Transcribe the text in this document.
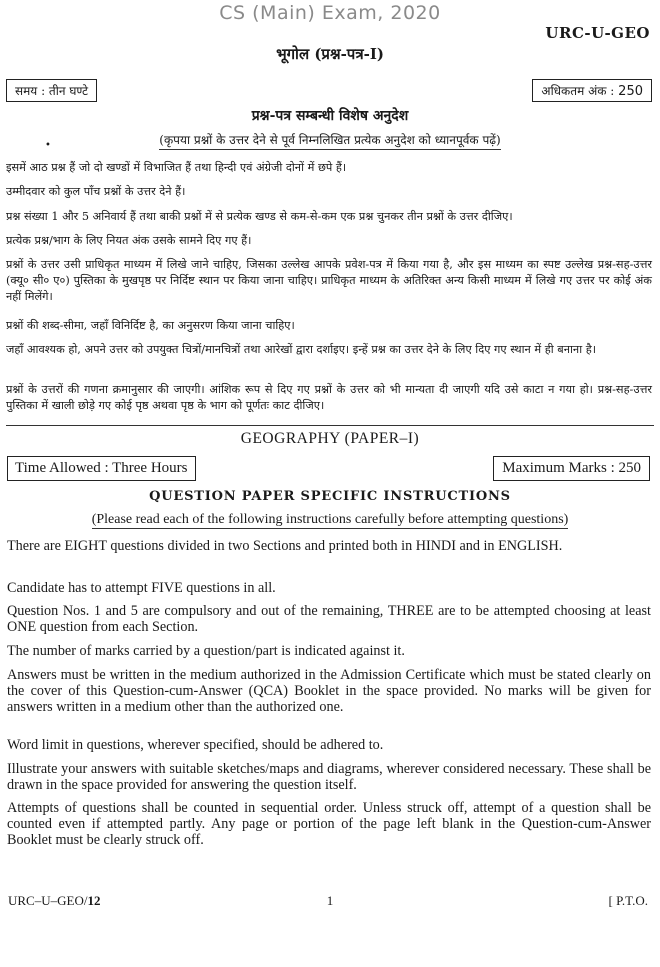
CS (Main) Exam, 2020
URC-U-GEO
भूगोल (प्रश्न-पत्र-I)
समय : तीन घण्टे	अधिकतम अंक : 250
प्रश्न-पत्र सम्बन्धी विशेष अनुदेश
•	(कृपया प्रश्नों के उत्तर देने से पूर्व निम्नलिखित प्रत्येक अनुदेश को ध्यानपूर्वक पढ़ें)

इसमें आठ प्रश्न हैं जो दो खण्डों में विभाजित हैं तथा हिन्दी एवं अंग्रेजी दोनों में छपे हैं।

उम्मीदवार को कुल पाँच प्रश्नों के उत्तर देने हैं।

प्रश्न संख्या 1 और 5 अनिवार्य हैं तथा बाकी प्रश्नों में से प्रत्येक खण्ड से कम-से-कम एक प्रश्न चुनकर तीन प्रश्नों के उत्तर दीजिए।

प्रत्येक प्रश्न/भाग के लिए नियत अंक उसके सामने दिए गए हैं।

प्रश्नों के उत्तर उसी प्राधिकृत माध्यम में लिखे जाने चाहिए, जिसका उल्लेख आपके प्रवेश-पत्र में किया गया है, और इस माध्यम का स्पष्ट उल्लेख प्रश्न-सह-उत्तर (क्यू० सी० ए०) पुस्तिका के मुखपृष्ठ पर निर्दिष्ट स्थान पर किया जाना चाहिए। प्राधिकृत माध्यम के अतिरिक्त अन्य किसी माध्यम में लिखे गए उत्तर पर कोई अंक नहीं मिलेंगे।

प्रश्नों की शब्द-सीमा, जहाँ विनिर्दिष्ट है, का अनुसरण किया जाना चाहिए।

जहाँ आवश्यक हो, अपने उत्तर को उपयुक्त चित्रों/मानचित्रों तथा आरेखों द्वारा दर्शाइए। इन्हें प्रश्न का उत्तर देने के लिए दिए गए स्थान में ही बनाना है।

प्रश्नों के उत्तरों की गणना क्रमानुसार की जाएगी। आंशिक रूप से दिए गए प्रश्नों के उत्तर को भी मान्यता दी जाएगी यदि उसे काटा न गया हो। प्रश्न-सह-उत्तर पुस्तिका में खाली छोड़े गए कोई पृष्ठ अथवा पृष्ठ के भाग को पूर्णतः काट दीजिए।

GEOGRAPHY (PAPER–I)
Time Allowed : Three Hours	Maximum Marks : 250
QUESTION PAPER SPECIFIC INSTRUCTIONS
(Please read each of the following instructions carefully before attempting questions)

There are EIGHT questions divided in two Sections and printed both in HINDI and in ENGLISH.

Candidate has to attempt FIVE questions in all.

Question Nos. 1 and 5 are compulsory and out of the remaining, THREE are to be attempted choosing at least ONE question from each Section.

The number of marks carried by a question/part is indicated against it.

Answers must be written in the medium authorized in the Admission Certificate which must be stated clearly on the cover of this Question-cum-Answer (QCA) Booklet in the space provided. No marks will be given for answers written in a medium other than the authorized one.

Word limit in questions, wherever specified, should be adhered to.

Illustrate your answers with suitable sketches/maps and diagrams, wherever considered necessary. These shall be drawn in the space provided for answering the question itself.

Attempts of questions shall be counted in sequential order. Unless struck off, attempt of a question shall be counted even if attempted partly. Any page or portion of the page left blank in the Question-cum-Answer Booklet must be clearly struck off.

URC–U–GEO/12	1	[ P.T.O.
